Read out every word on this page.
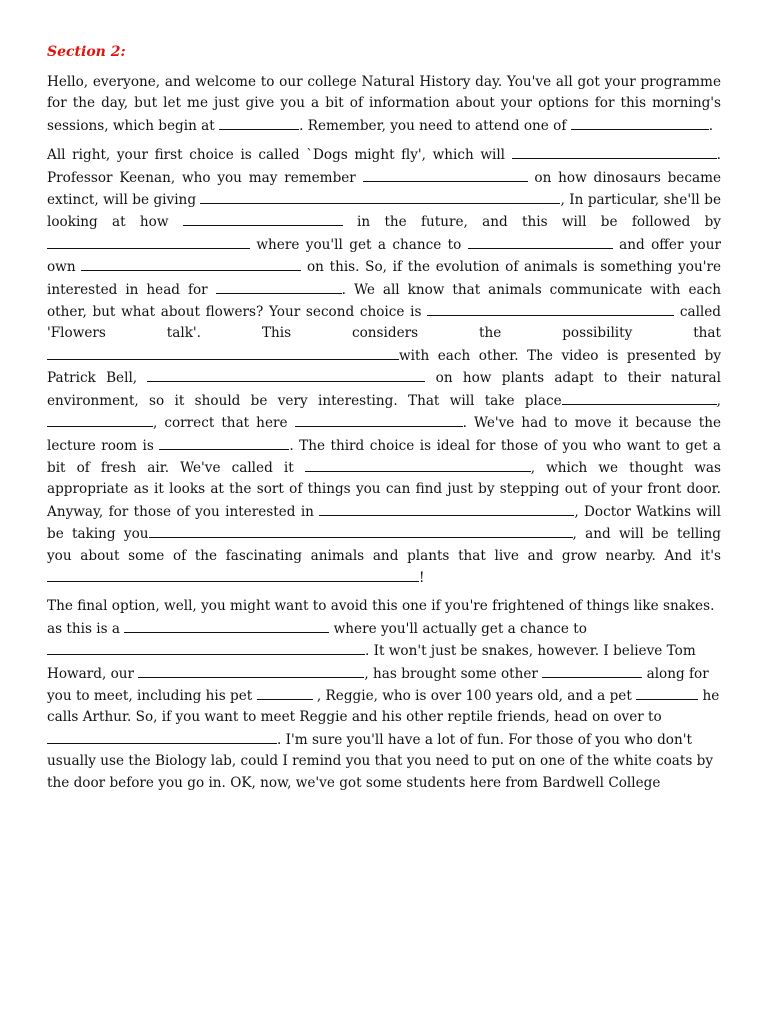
Section 2:

Hello, everyone, and welcome to our college Natural History day. You've all got your programme for the day, but let me just give you a bit of information about your options for this morning's sessions, which begin at	. Remember, you need to attend one of	.

All right, your first choice is called `Dogs might fly', which will	. Professor Keenan, who you may remember	on how dinosaurs became extinct, will be giving	, In particular, she'll be looking at how	in the future, and this will be followed by  where you'll get a chance to	and offer your own	on this. So, if the evolution of animals is something you're interested in head for	. We all know that animals communicate with each other, but what about flowers? Your second choice is	called 'Flowers talk'. This considers the possibility that with each other. The video is presented by Patrick Bell,	on how plants adapt to their natural environment, so it should be very interesting. That will take place	, , correct that here	. We've had to move it because the lecture room is	. The third choice is ideal for those of you who want to get a bit of fresh air. We've called it	, which we thought was appropriate as it looks at the sort of things you can find just by stepping out of your front door. Anyway, for those of you interested in	, Doctor Watkins will be taking you	, and will be telling you about some of the fascinating animals and plants that live and grow nearby. And it's !

The final option, well, you might want to avoid this one if you're frightened of things like snakes. as this is a	where you'll actually get a chance to . It won't just be snakes, however. I believe Tom Howard, our	, has brought some other	along for you to meet, including his pet	, Reggie, who is over 100 years old, and a pet	he calls Arthur. So, if you want to meet Reggie and his other reptile friends, head on over to. I'm sure you'll have a lot of fun. For those of you who don't usually use the Biology lab, could I remind you that you need to put on one of the white coats by the door before you go in. OK, now, we've got some students here from Bardwell College
